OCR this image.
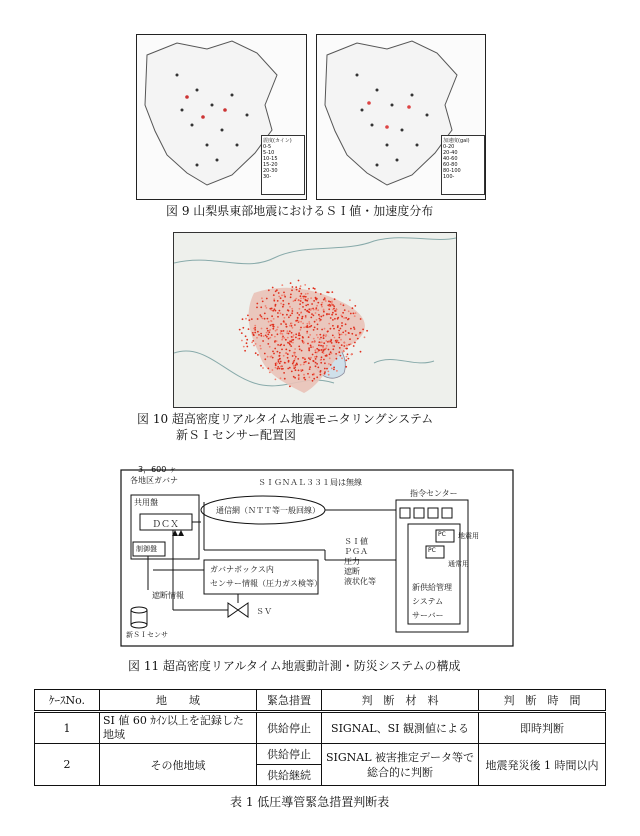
震度(カイン)
0-5
5-10
10-15
15-20
20-30
30-
加速度(gal)
0-20
20-40
40-60
60-80
80-100
100-
図 9 山梨県東部地震におけるＳＩ値・加速度分布
図 10 超高密度リアルタイム地震モニタリングシステム
新ＳＩセンサー配置図
3，600 ヶ
各地区ガバナ	ＳＩＧＮＡＬ３３１局は無線
共用盤
ＤＣＸ
制御盤
通信網（ＮＴＴ等一般回線）
ＳＩ値
ＰＧＡ
圧力
遮断
液状化等
指令センター
PC 地震用
PC
通常用
ガバナボックス内
センサー情報（圧力ガス検等）
遮断情報
ＳＶ
新ＳＩセンサ
新供給管理
システム
サーバー
図 11 超高密度リアルタイム地震動計測・防災システムの構成
ｹｰｽNo.	地　　域	緊急措置	判　断　材　料	判　断　時　間
1	SI 値 60 ｶｲﾝ以上を記録した地域	供給停止	SIGNAL、SI 観測値による	即時判断
2	その他地域	供給停止	SIGNAL 被害推定データ等で総合的に判断	地震発災後 1 時間以内
		供給継続		
表 1 低圧導管緊急措置判断表
